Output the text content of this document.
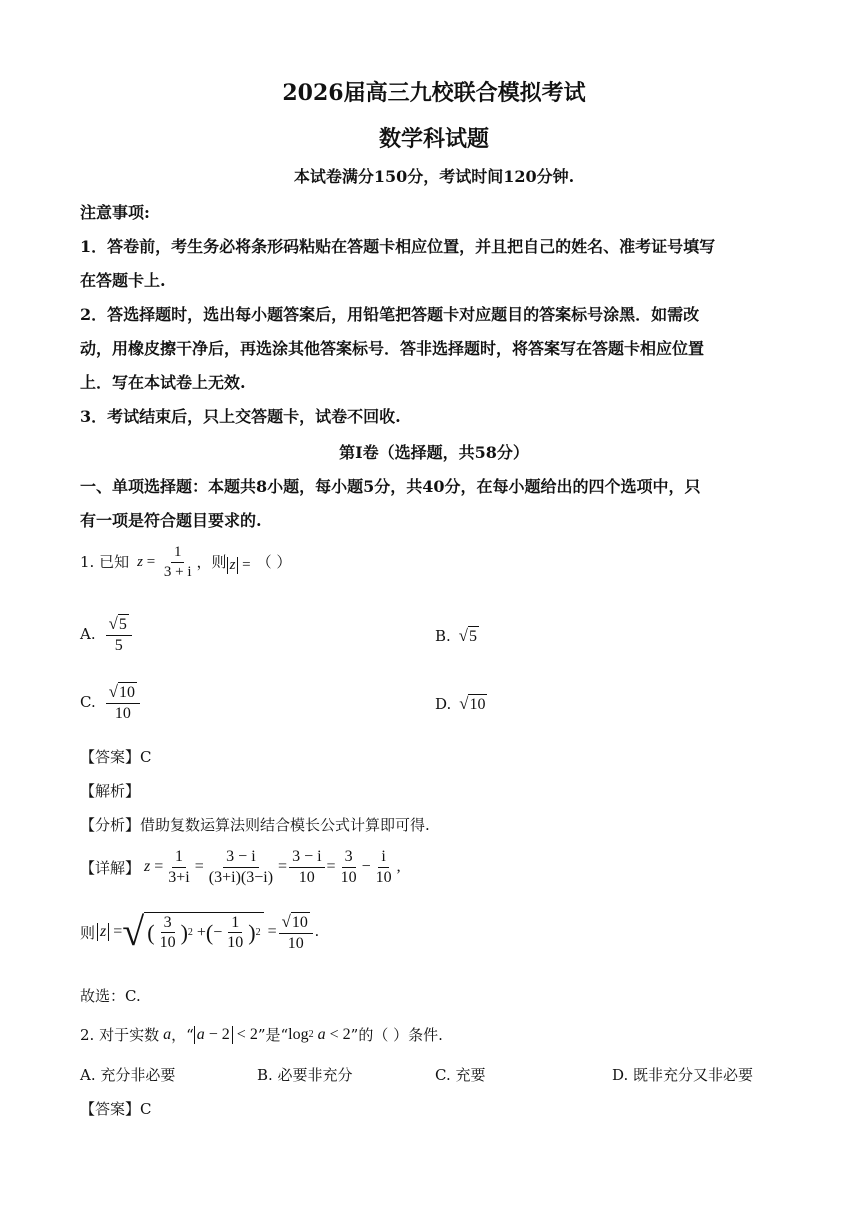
2026届高三九校联合模拟考试
数学科试题
本试卷满分150分，考试时间120分钟.
注意事项:
1．答卷前，考生务必将条形码粘贴在答题卡相应位置，并且把自己的姓名、准考证号填写
在答题卡上.
2．答选择题时，选出每小题答案后，用铅笔把答题卡对应题目的答案标号涂黑．如需改
动，用橡皮擦干净后，再选涂其他答案标号．答非选择题时，将答案写在答题卡相应位置
上．写在本试卷上无效.
3．考试结束后，只上交答题卡，试卷不回收.
第Ⅰ卷（选择题，共58分）
一、单项选择题：本题共8小题，每小题5分，共40分，在每小题给出的四个选项中，只
有一项是符合题目要求的.
1. 已知 $z = \frac{1}{3 + i}$ ，则 z = （ ）
A. $\frac{√ 5}{5}$	B. √ 5
C. $\frac{√ 10}{10}$	D. √ 10
【答案】C
【解析】
【分析】借助复数运算法则结合模长公式计算即可得.
【详解】 $z = \frac{1}{3+i} = \frac{3 - i}{(3+i)(3-i)} = \frac{3 - i}{10} = \frac{3}{10} - \frac{i}{10}$ ,
则 z = √ ( $\frac{3}{10}$ ) 2 + ( − $\frac{1}{10}$ ) $2 = \frac{√ 10}{10}$ .
故选：C.
2. 对于实数 a ，“ a − 2 < 2 ”是“ log 2
a < 2 ”的（ ）条件.
A. 充分非必要	B. 必要非充分	C. 充要	D. 既非充分又非必要
【答案】C
